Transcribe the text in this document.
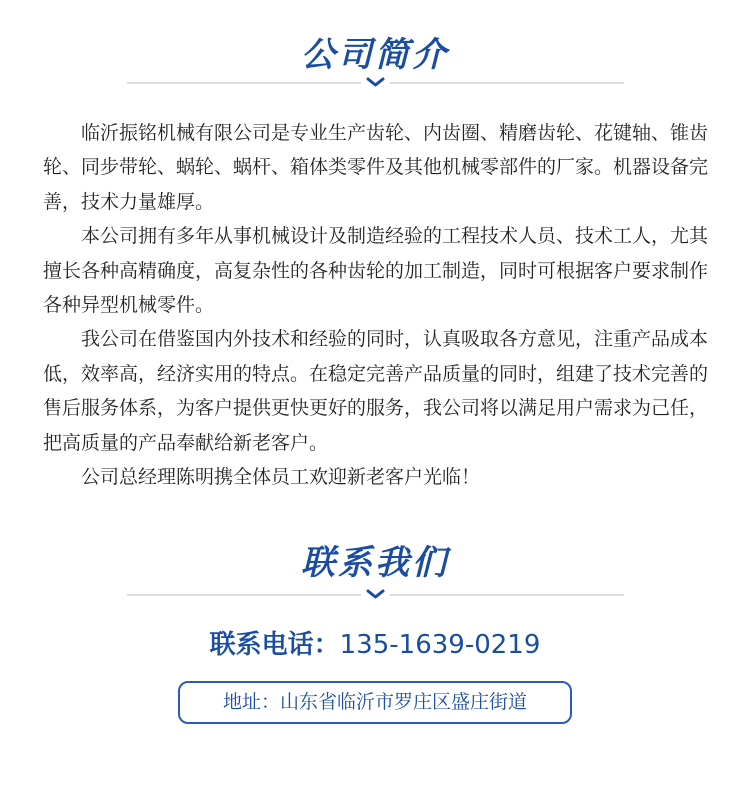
公司简介

临沂振铭机械有限公司是专业生产齿轮、内齿圈、精磨齿轮、花键轴、锥齿轮、同步带轮、蜗轮、蜗杆、箱体类零件及其他机械零部件的厂家。机器设备完善，技术力量雄厚。

本公司拥有多年从事机械设计及制造经验的工程技术人员、技术工人，尤其擅长各种高精确度，高复杂性的各种齿轮的加工制造，同时可根据客户要求制作各种异型机械零件。

我公司在借鉴国内外技术和经验的同时，认真吸取各方意见，注重产品成本低，效率高，经济实用的特点。在稳定完善产品质量的同时，组建了技术完善的售后服务体系，为客户提供更快更好的服务，我公司将以满足用户需求为己任，把高质量的产品奉献给新老客户。

公司总经理陈明携全体员工欢迎新老客户光临！

联系我们
联系电话：135-1639-0219
地址：山东省临沂市罗庄区盛庄街道
